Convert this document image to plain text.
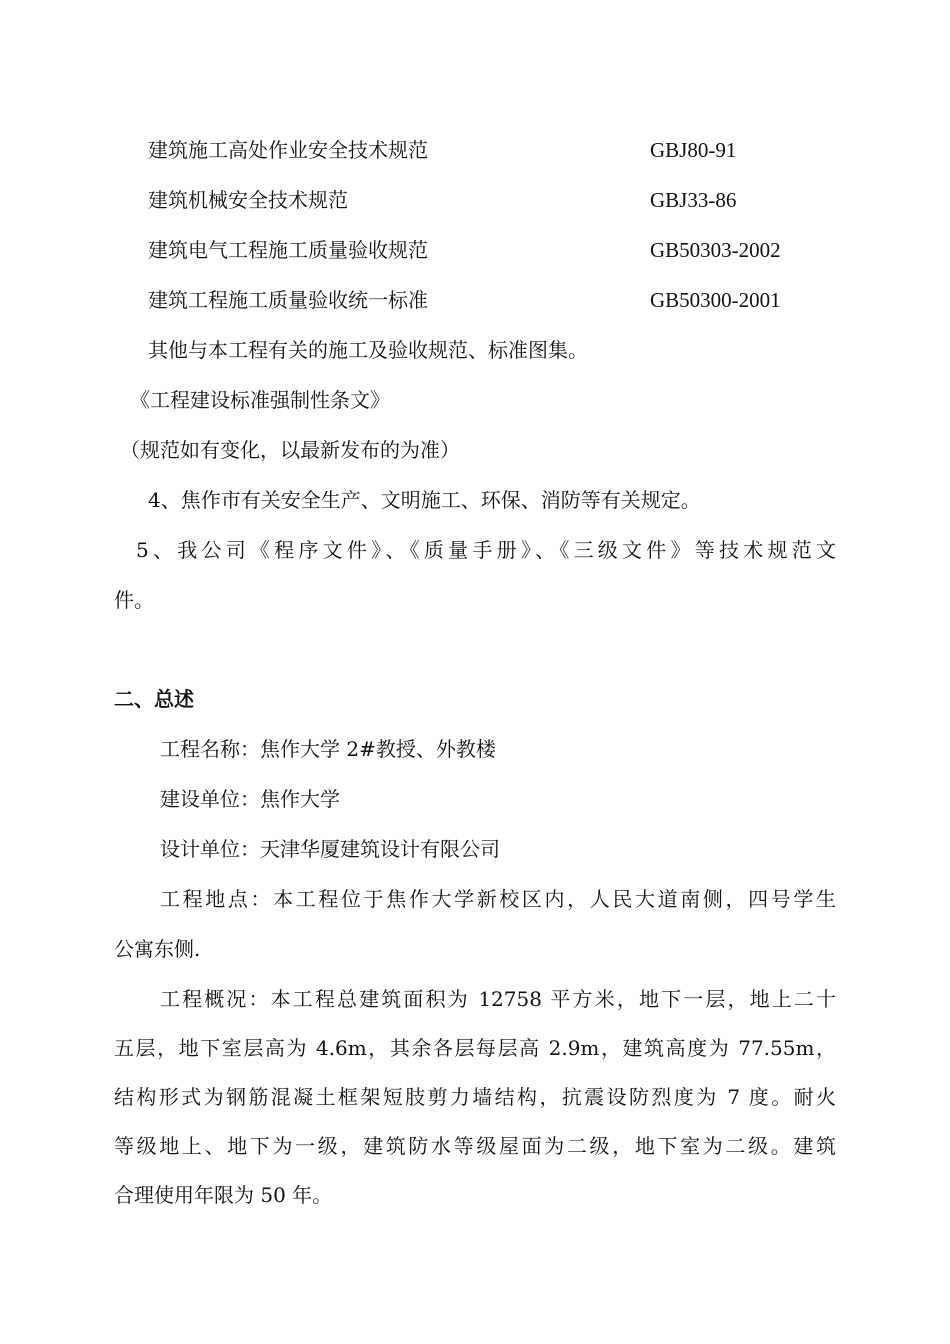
建筑施工高处作业安全技术规范	GBJ80-91
建筑机械安全技术规范	GBJ33-86
建筑电气工程施工质量验收规范	GB50303-2002
建筑工程施工质量验收统一标准	GB50300-2001
其他与本工程有关的施工及验收规范、标准图集。
《工程建设标准强制性条文》
（规范如有变化，以最新发布的为准）
4、焦作市有关安全生产、文明施工、环保、消防等有关规定。
5、我公司《程序文件》、《质量手册》、《三级文件》等技术规范文
件。
二、总述
工程名称：焦作大学 2#教授、外教楼
建设单位：焦作大学
设计单位：天津华厦建筑设计有限公司
工程地点：本工程位于焦作大学新校区内，人民大道南侧，四号学生
公寓东侧.
工程概况：本工程总建筑面积为 12758 平方米，地下一层，地上二十
五层，地下室层高为 4.6m，其余各层每层高 2.9m，建筑高度为 77.55m，
结构形式为钢筋混凝土框架短肢剪力墙结构，抗震设防烈度为 7 度。耐火
等级地上、地下为一级，建筑防水等级屋面为二级，地下室为二级。建筑
合理使用年限为 50 年。
